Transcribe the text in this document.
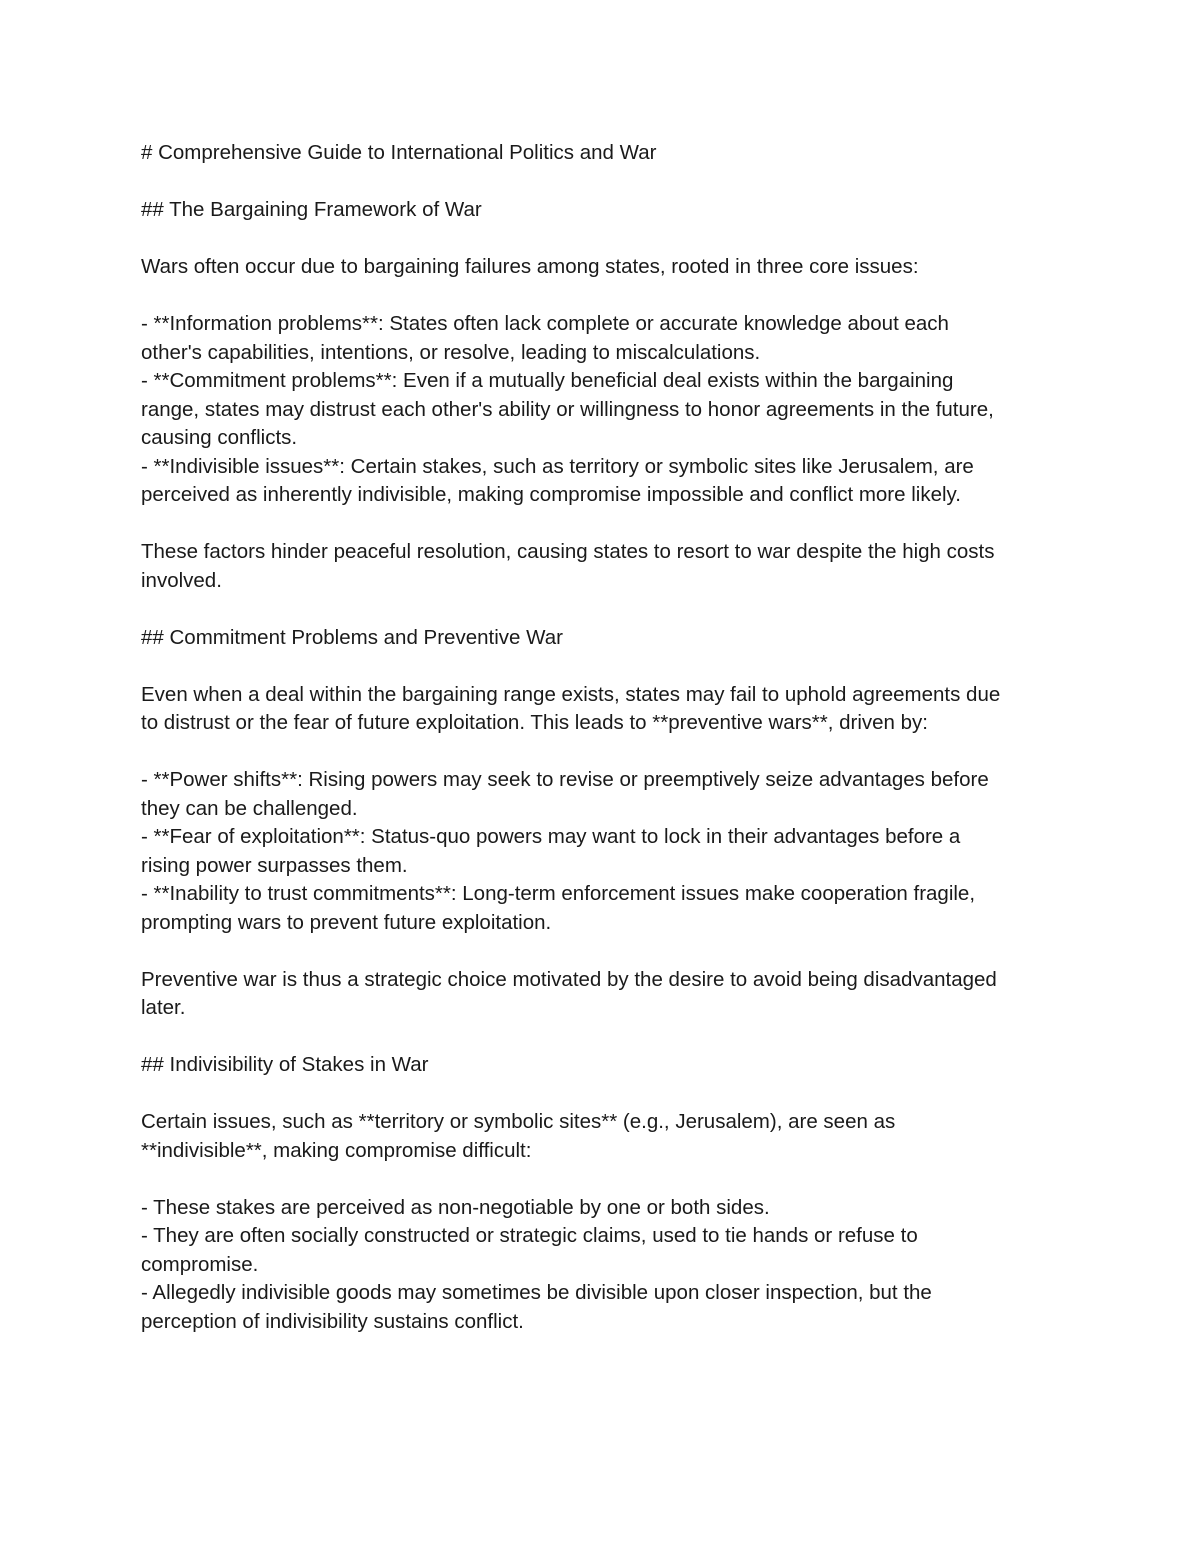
# Comprehensive Guide to International Politics and War

## The Bargaining Framework of War

Wars often occur due to bargaining failures among states, rooted in three core issues:

- **Information problems**: States often lack complete or accurate knowledge about each

other's capabilities, intentions, or resolve, leading to miscalculations.

- **Commitment problems**: Even if a mutually beneficial deal exists within the bargaining

range, states may distrust each other's ability or willingness to honor agreements in the future,

causing conflicts.

- **Indivisible issues**: Certain stakes, such as territory or symbolic sites like Jerusalem, are

perceived as inherently indivisible, making compromise impossible and conflict more likely.

These factors hinder peaceful resolution, causing states to resort to war despite the high costs

involved.

## Commitment Problems and Preventive War

Even when a deal within the bargaining range exists, states may fail to uphold agreements due

to distrust or the fear of future exploitation. This leads to **preventive wars**, driven by:

- **Power shifts**: Rising powers may seek to revise or preemptively seize advantages before

they can be challenged.

- **Fear of exploitation**: Status-quo powers may want to lock in their advantages before a

rising power surpasses them.

- **Inability to trust commitments**: Long-term enforcement issues make cooperation fragile,

prompting wars to prevent future exploitation.

Preventive war is thus a strategic choice motivated by the desire to avoid being disadvantaged

later.

## Indivisibility of Stakes in War

Certain issues, such as **territory or symbolic sites** (e.g., Jerusalem), are seen as

**indivisible**, making compromise difficult:

- These stakes are perceived as non-negotiable by one or both sides.

- They are often socially constructed or strategic claims, used to tie hands or refuse to

compromise.

- Allegedly indivisible goods may sometimes be divisible upon closer inspection, but the

perception of indivisibility sustains conflict.
